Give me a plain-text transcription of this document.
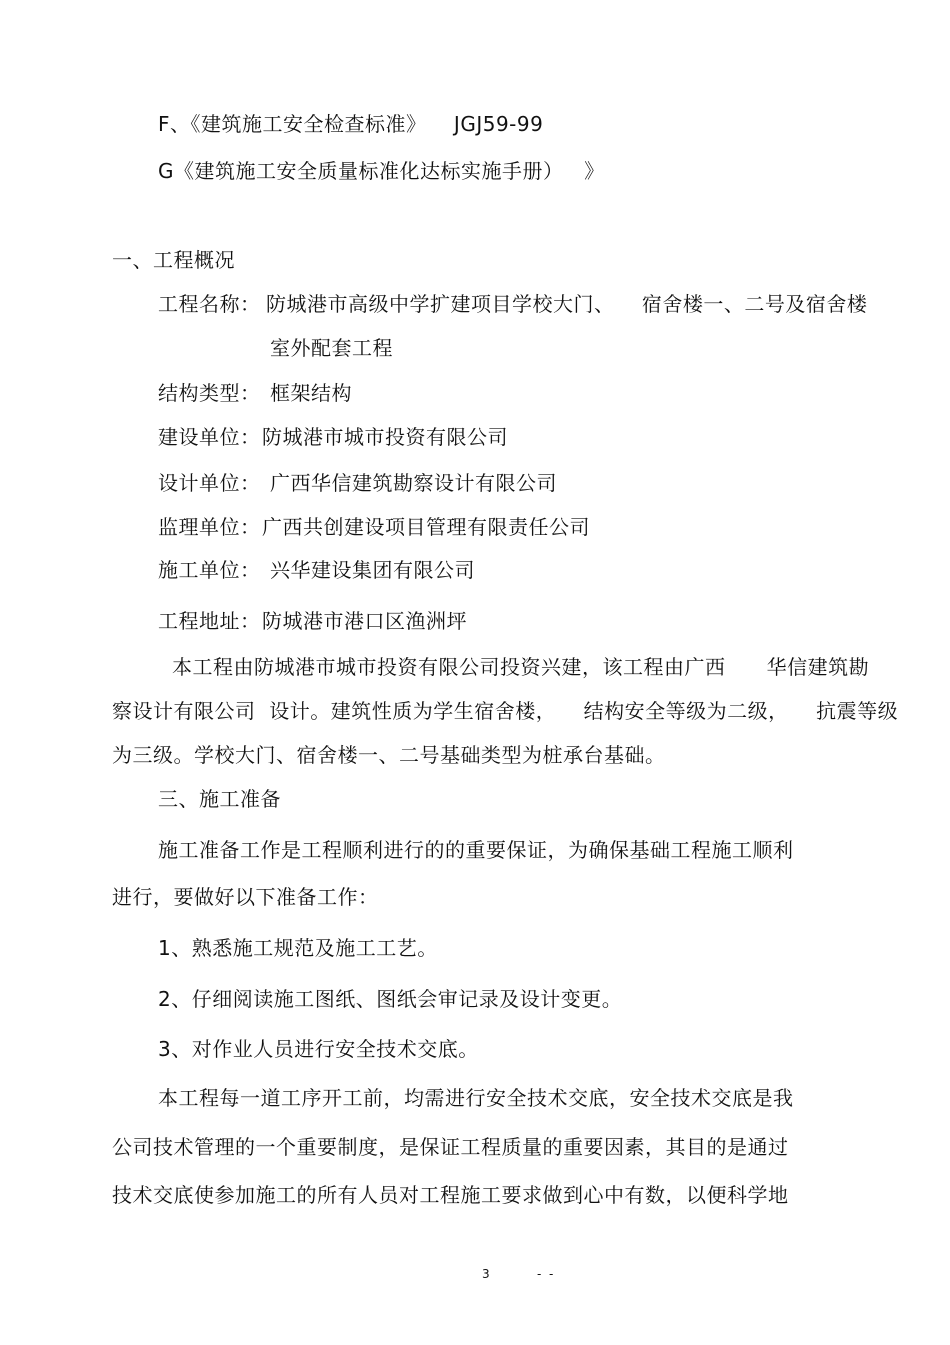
F、《建筑施工安全检查标准》    JGJ59-99
G《建筑施工安全质量标准化达标实施手册）   》
一、工程概况
工程名称： 防城港市高级中学扩建项目学校大门、    宿舍楼一、二号及宿舍楼
室外配套工程
结构类型： 框架结构
建设单位： 防城港市城市投资有限公司
设计单位： 广西华信建筑勘察设计有限公司
监理单位： 广西共创建设项目管理有限责任公司
施工单位： 兴华建设集团有限公司
工程地址： 防城港市港口区渔洲坪
本工程由防城港市城市投资有限公司投资兴建，该工程由广西      华信建筑勘
察设计有限公司  设计。建筑性质为学生宿舍楼，    结构安全等级为二级，    抗震等级
为三级。学校大门、宿舍楼一、二号基础类型为桩承台基础。
三、施工准备
施工准备工作是工程顺利进行的的重要保证，为确保基础工程施工顺利
进行，要做好以下准备工作：
1、熟悉施工规范及施工工艺。
2、仔细阅读施工图纸、图纸会审记录及设计变更。
3、对作业人员进行安全技术交底。
本工程每一道工序开工前，均需进行安全技术交底，安全技术交底是我
公司技术管理的一个重要制度，是保证工程质量的重要因素，其目的是通过
技术交底使参加施工的所有人员对工程施工要求做到心中有数，以便科学地
3	-  -
